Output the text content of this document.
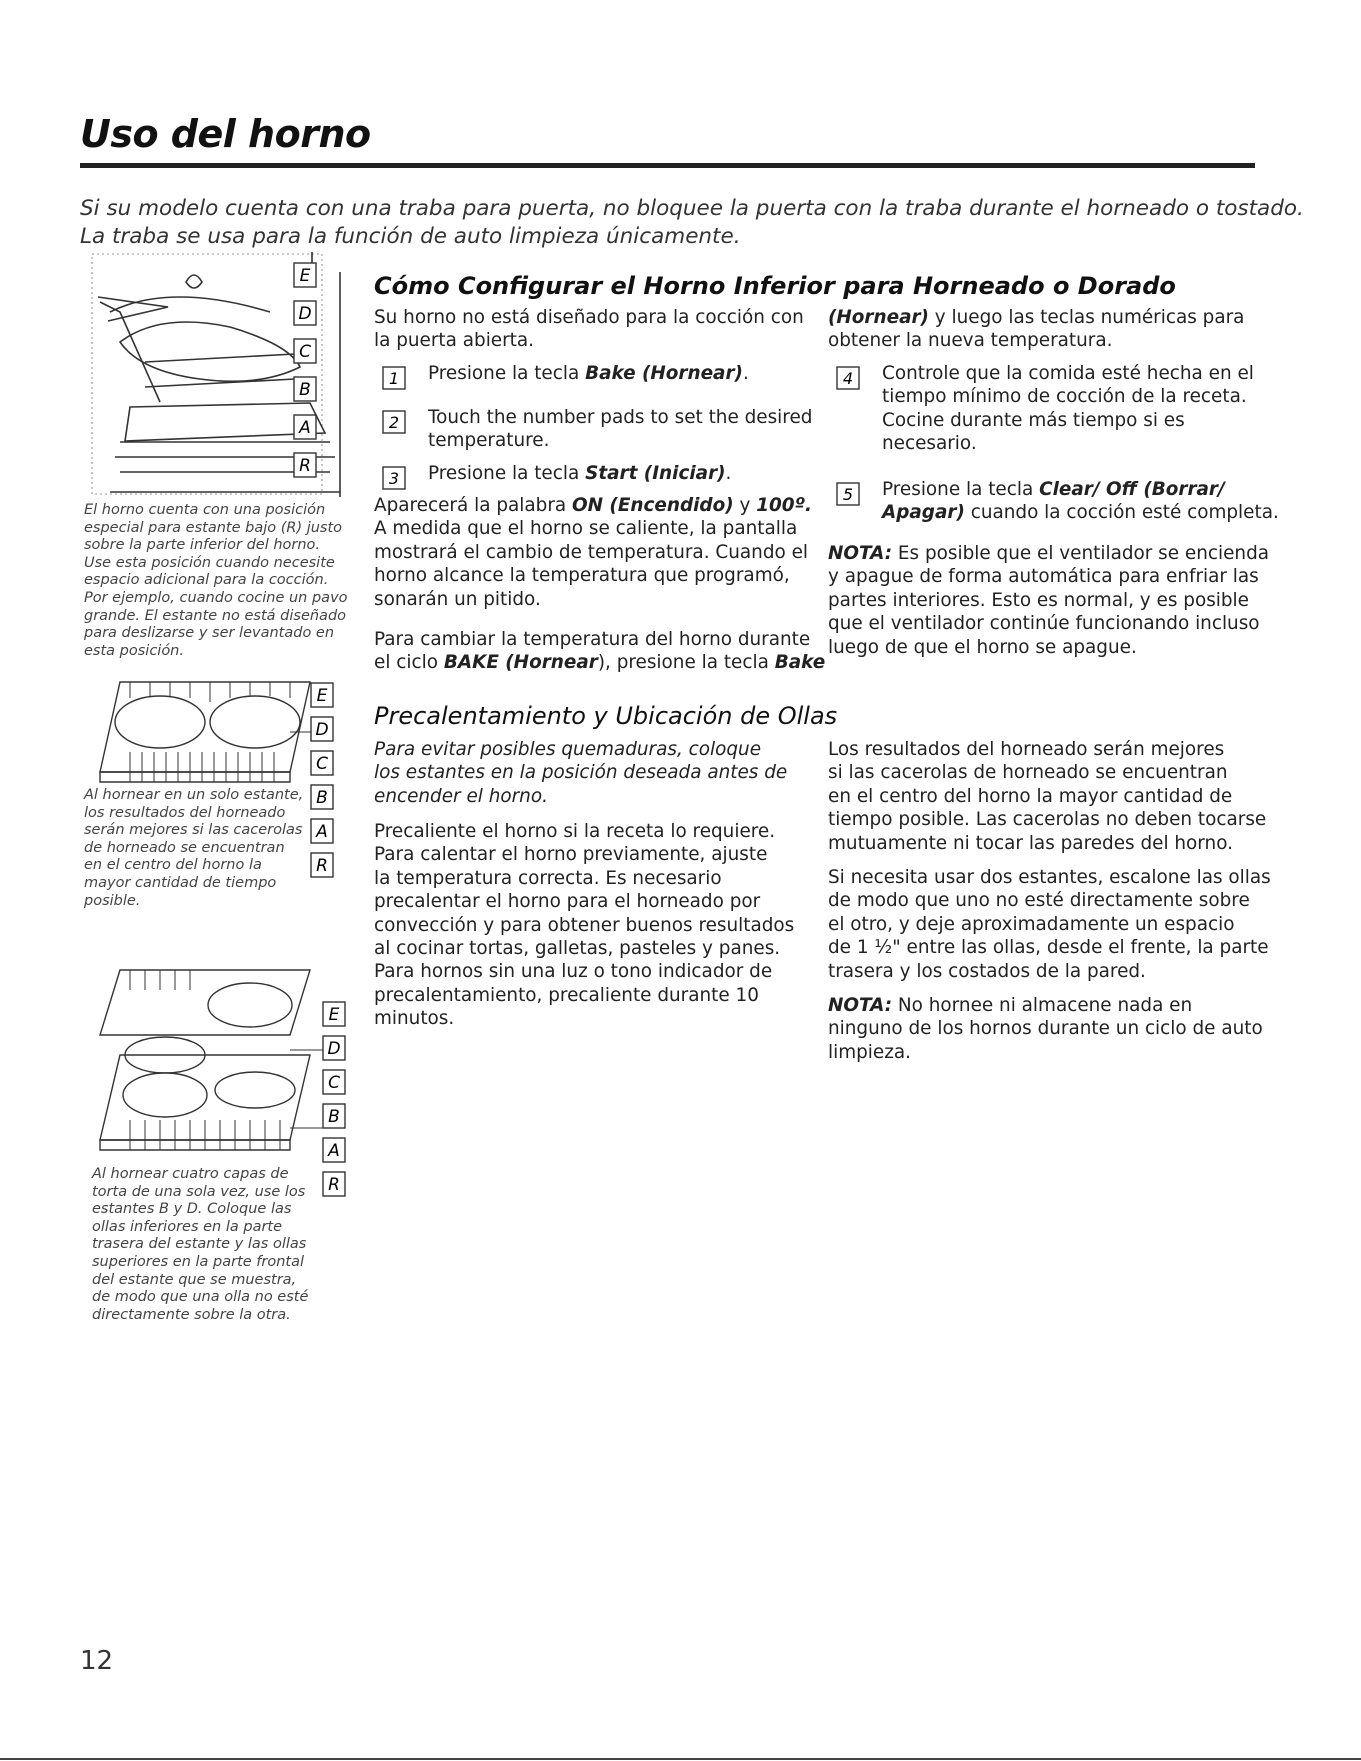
Uso del horno
Si su modelo cuenta con una traba para puerta, no bloquee la puerta con la traba durante el horneado o tostado.
La traba se usa para la función de auto limpieza únicamente.
El horno cuenta con una posición
especial para estante bajo (R) justo
sobre la parte inferior del horno.
Use esta posición cuando necesite
espacio adicional para la cocción.
Por ejemplo, cuando cocine un pavo
grande. El estante no está diseñado
para deslizarse y ser levantado en
esta posición.
Al hornear en un solo estante,
los resultados del horneado
serán mejores si las cacerolas
de horneado se encuentran
en el centro del horno la
mayor cantidad de tiempo
posible.
Al hornear cuatro capas de
torta de una sola vez, use los
estantes B y D. Coloque las
ollas inferiores en la parte
trasera del estante y las ollas
superiores en la parte frontal
del estante que se muestra,
de modo que una olla no esté
directamente sobre la otra.
Cómo Configurar el Horno Inferior para Horneado o Dorado
Su horno no está diseñado para la cocción con
la puerta abierta.
1 Presione la tecla Bake (Hornear).
2 Touch the number pads to set the desired
temperature.
3 Presione la tecla Start (Iniciar).
Aparecerá la palabra ON (Encendido) y 100º.
A medida que el horno se caliente, la pantalla
mostrará el cambio de temperatura. Cuando el
horno alcance la temperatura que programó,
sonarán un pitido.
Para cambiar la temperatura del horno durante
el ciclo BAKE (Hornear), presione la tecla Bake
(Hornear) y luego las teclas numéricas para
obtener la nueva temperatura.
4 Controle que la comida esté hecha en el
tiempo mínimo de cocción de la receta.
Cocine durante más tiempo si es
necesario.
5 Presione la tecla Clear/ Off (Borrar/
Apagar) cuando la cocción esté completa.
NOTA: Es posible que el ventilador se encienda
y apague de forma automática para enfriar las
partes interiores. Esto es normal, y es posible
que el ventilador continúe funcionando incluso
luego de que el horno se apague.
Precalentamiento y Ubicación de Ollas
Para evitar posibles quemaduras, coloque
los estantes en la posición deseada antes de
encender el horno.
Precaliente el horno si la receta lo requiere.
Para calentar el horno previamente, ajuste
la temperatura correcta. Es necesario
precalentar el horno para el horneado por
convección y para obtener buenos resultados
al cocinar tortas, galletas, pasteles y panes.
Para hornos sin una luz o tono indicador de
precalentamiento, precaliente durante 10
minutos.
Los resultados del horneado serán mejores
si las cacerolas de horneado se encuentran
en el centro del horno la mayor cantidad de
tiempo posible. Las cacerolas no deben tocarse
mutuamente ni tocar las paredes del horno.
Si necesita usar dos estantes, escalone las ollas
de modo que uno no esté directamente sobre
el otro, y deje aproximadamente un espacio
de 1 ½" entre las ollas, desde el frente, la parte
trasera y los costados de la pared.
NOTA: No hornee ni almacene nada en
ninguno de los hornos durante un ciclo de auto
limpieza.
12
E
D
C
B
A
R
E
D
C
B
A
R
E
D
C
B
A
R
